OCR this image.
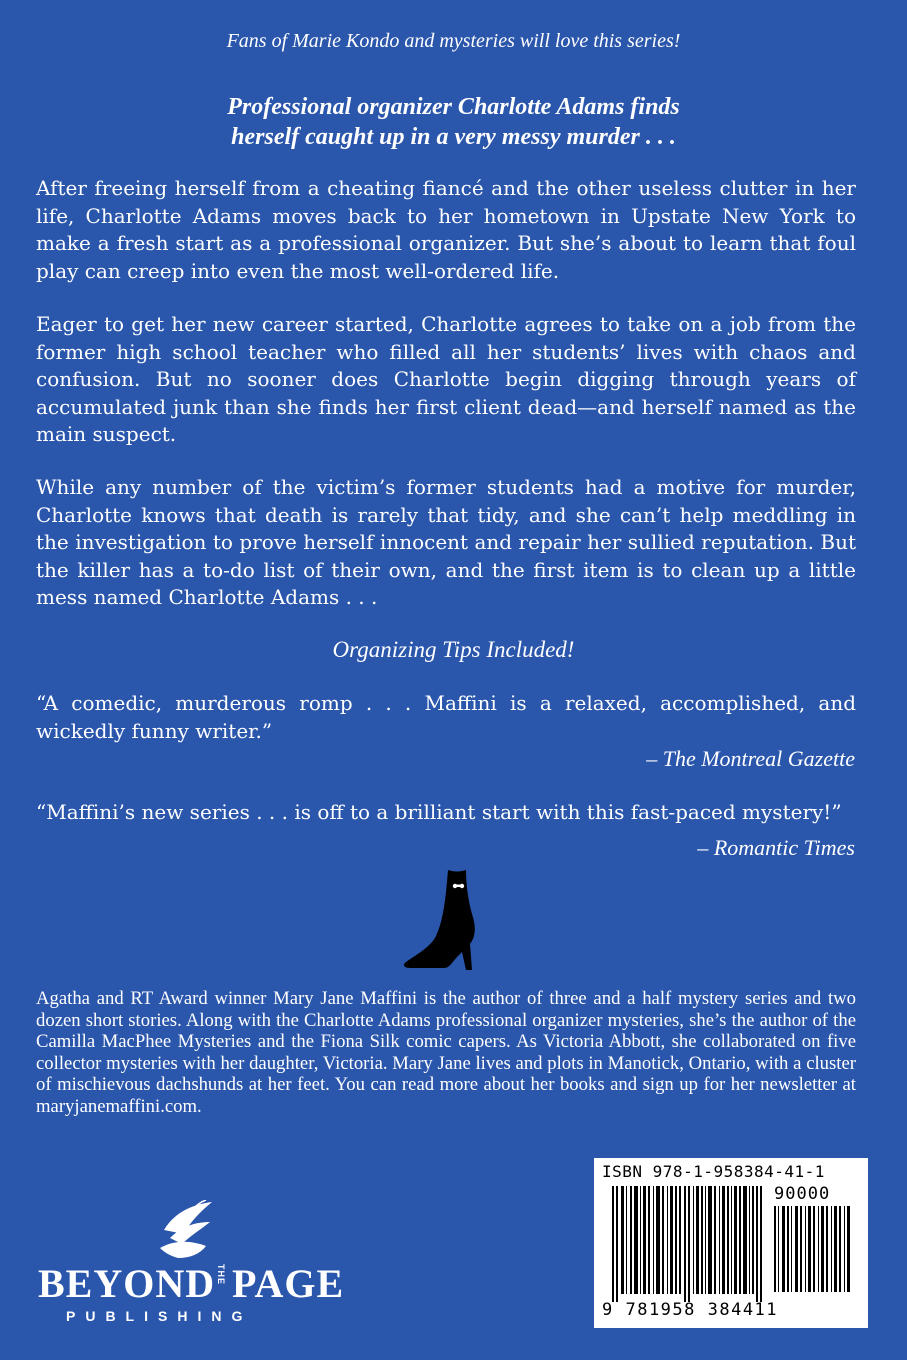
Fans of Marie Kondo and mysteries will love this series!
Professional organizer Charlotte Adams finds
herself caught up in a very messy murder . . .

After freeing herself from a cheating fiancé and the other useless clutter in her life, Charlotte Adams moves back to her hometown in Upstate New York to make a fresh start as a professional organizer. But she’s about to learn that foul play can creep into even the most well-ordered life.

Eager to get her new career started, Charlotte agrees to take on a job from the former high school teacher who filled all her students’ lives with chaos and confusion. But no sooner does Charlotte begin digging through years of accumulated junk than she finds her first client dead—and herself named as the main suspect.

While any number of the victim’s former students had a motive for murder, Charlotte knows that death is rarely that tidy, and she can’t help meddling in the investigation to prove herself innocent and repair her sullied reputation. But the killer has a to-do list of their own, and the first item is to clean up a little mess named Charlotte Adams . . .

Organizing Tips Included!

“A comedic, murderous romp . . . Maffini is a relaxed, accomplished, and wickedly funny writer.”

– The Montreal Gazette

“Maffini’s new series . . . is off to a brilliant start with this fast-paced mystery!”

– Romantic Times

Agatha and RT Award winner Mary Jane Maffini is the author of three and a half mystery series and two dozen short stories. Along with the Charlotte Adams professional organizer mysteries, she’s the author of the Camilla MacPhee Mysteries and the Fiona Silk comic capers. As Victoria Abbott, she collaborated on five collector mysteries with her daughter, Victoria. Mary Jane lives and plots in Manotick, Ontario, with a cluster of mischievous dachshunds at her feet. You can read more about her books and sign up for her newsletter at maryjanemaffini.com.

BEYOND THE PAGE
PUBLISHING
ISBN 978-1-958384-41-1
90000
9 781958 384411
